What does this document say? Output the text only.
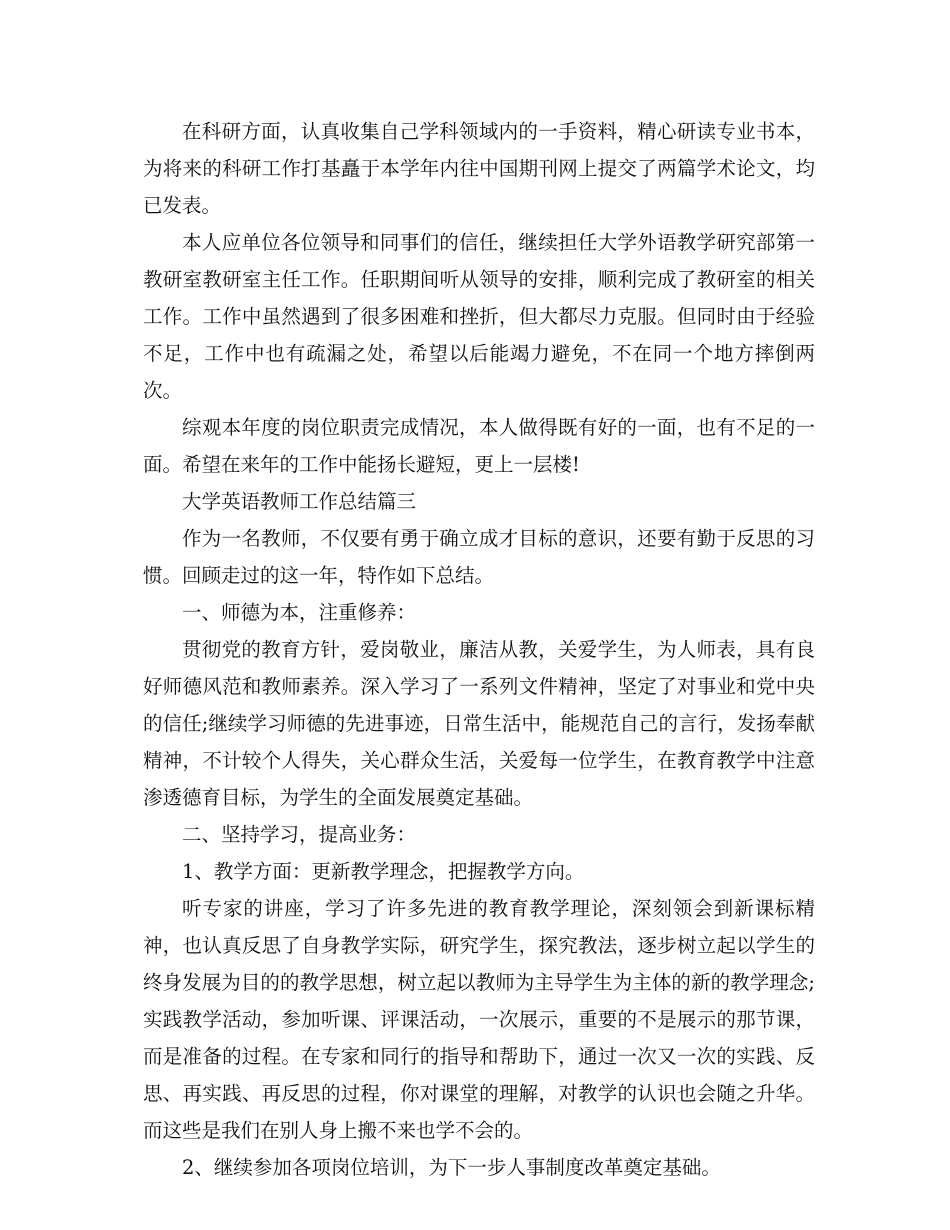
在科研方面，认真收集自己学科领域内的一手资料，精心研读专业书本，为将来的科研工作打基矗于本学年内往中国期刊网上提交了两篇学术论文，均已发表。

本人应单位各位领导和同事们的信任，继续担任大学外语教学研究部第一教研室教研室主任工作。任职期间听从领导的安排，顺利完成了教研室的相关工作。工作中虽然遇到了很多困难和挫折，但大都尽力克服。但同时由于经验不足，工作中也有疏漏之处，希望以后能竭力避免，不在同一个地方摔倒两次。

综观本年度的岗位职责完成情况，本人做得既有好的一面，也有不足的一面。希望在来年的工作中能扬长避短，更上一层楼!

大学英语教师工作总结篇三

作为一名教师，不仅要有勇于确立成才目标的意识，还要有勤于反思的习惯。回顾走过的这一年，特作如下总结。

一、师德为本，注重修养：

贯彻党的教育方针，爱岗敬业，廉洁从教，关爱学生，为人师表，具有良好师德风范和教师素养。深入学习了一系列文件精神，坚定了对事业和党中央的信任;继续学习师德的先进事迹，日常生活中，能规范自己的言行，发扬奉献精神，不计较个人得失，关心群众生活，关爱每一位学生，在教育教学中注意渗透德育目标，为学生的全面发展奠定基础。

二、坚持学习，提高业务：

1、教学方面：更新教学理念，把握教学方向。

听专家的讲座，学习了许多先进的教育教学理论，深刻领会到新课标精神，也认真反思了自身教学实际，研究学生，探究教法，逐步树立起以学生的终身发展为目的的教学思想，树立起以教师为主导学生为主体的新的教学理念;实践教学活动，参加听课、评课活动，一次展示，重要的不是展示的那节课，而是准备的过程。在专家和同行的指导和帮助下，通过一次又一次的实践、反思、再实践、再反思的过程，你对课堂的理解，对教学的认识也会随之升华。而这些是我们在别人身上搬不来也学不会的。

2、继续参加各项岗位培训，为下一步人事制度改革奠定基础。
